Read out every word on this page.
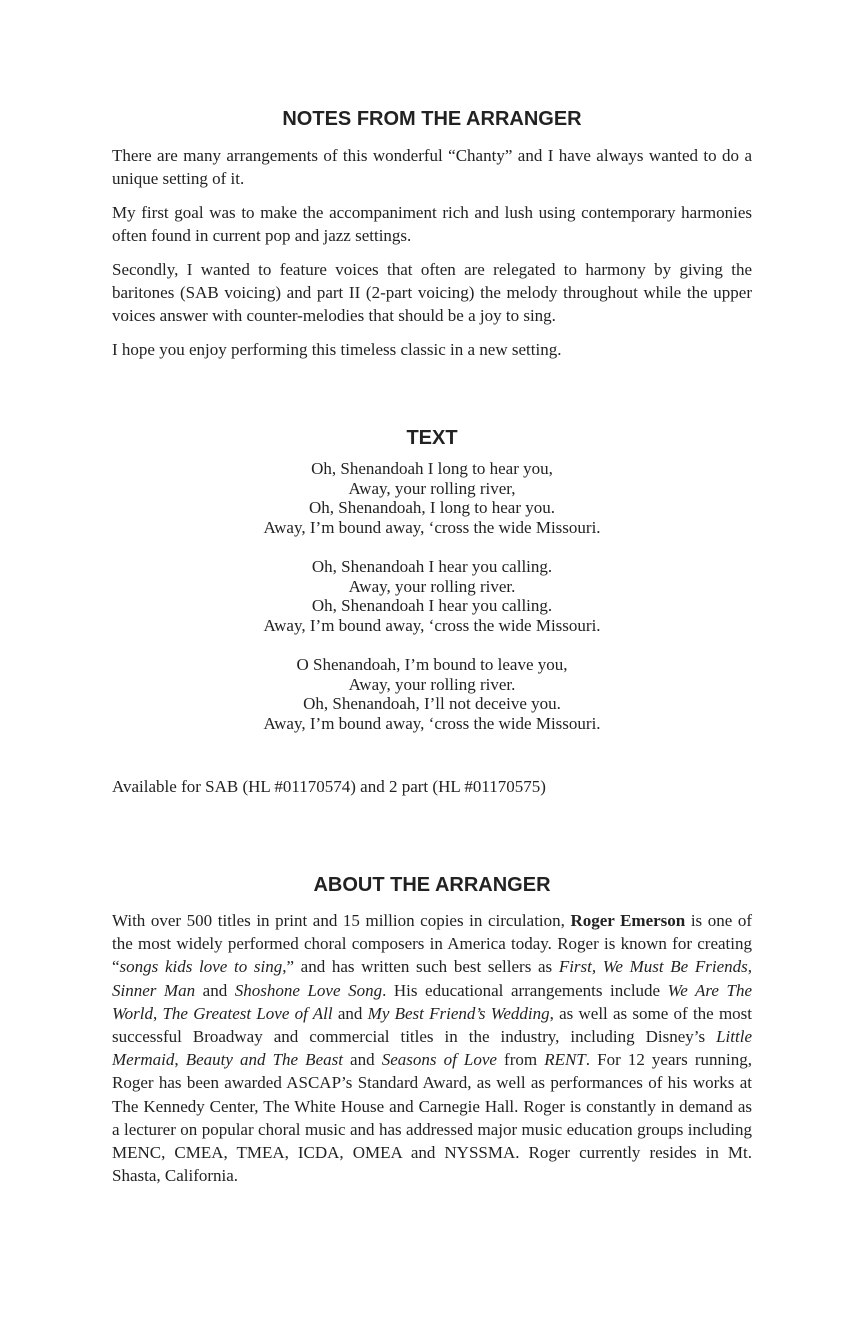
NOTES FROM THE ARRANGER

There are many arrangements of this wonderful “Chanty” and I have always wanted to do a unique setting of it.

My first goal was to make the accompaniment rich and lush using contemporary harmonies often found in current pop and jazz settings.

Secondly, I wanted to feature voices that often are relegated to harmony by giving the baritones (SAB voicing) and part II (2-part voicing) the melody throughout while the upper voices answer with counter-melodies that should be a joy to sing.

I hope you enjoy performing this timeless classic in a new setting.

TEXT
Oh, Shenandoah I long to hear you,
Away, your rolling river,
Oh, Shenandoah, I long to hear you.
Away, I’m bound away, ‘cross the wide Missouri.
Oh, Shenandoah I hear you calling.
Away, your rolling river.
Oh, Shenandoah I hear you calling.
Away, I’m bound away, ‘cross the wide Missouri.
O Shenandoah, I’m bound to leave you,
Away, your rolling river.
Oh, Shenandoah, I’ll not deceive you.
Away, I’m bound away, ‘cross the wide Missouri.

Available for SAB (HL #01170574) and 2 part (HL #01170575)

ABOUT THE ARRANGER

With over 500 titles in print and 15 million copies in circulation, Roger Emerson is one of the most widely performed choral composers in America today. Roger is known for creating “songs kids love to sing,” and has written such best sellers as First, We Must Be Friends, Sinner Man and Shoshone Love Song. His educational arrangements include We Are The World, The Greatest Love of All and My Best Friend’s Wedding, as well as some of the most successful Broadway and commercial titles in the industry, including Disney’s Little Mermaid, Beauty and The Beast and Seasons of Love from RENT. For 12 years running, Roger has been awarded ASCAP’s Standard Award, as well as performances of his works at The Kennedy Center, The White House and Carnegie Hall. Roger is constantly in demand as a lecturer on popular choral music and has addressed major music education groups including MENC, CMEA, TMEA, ICDA, OMEA and NYSSMA. Roger currently resides in Mt. Shasta, California.
